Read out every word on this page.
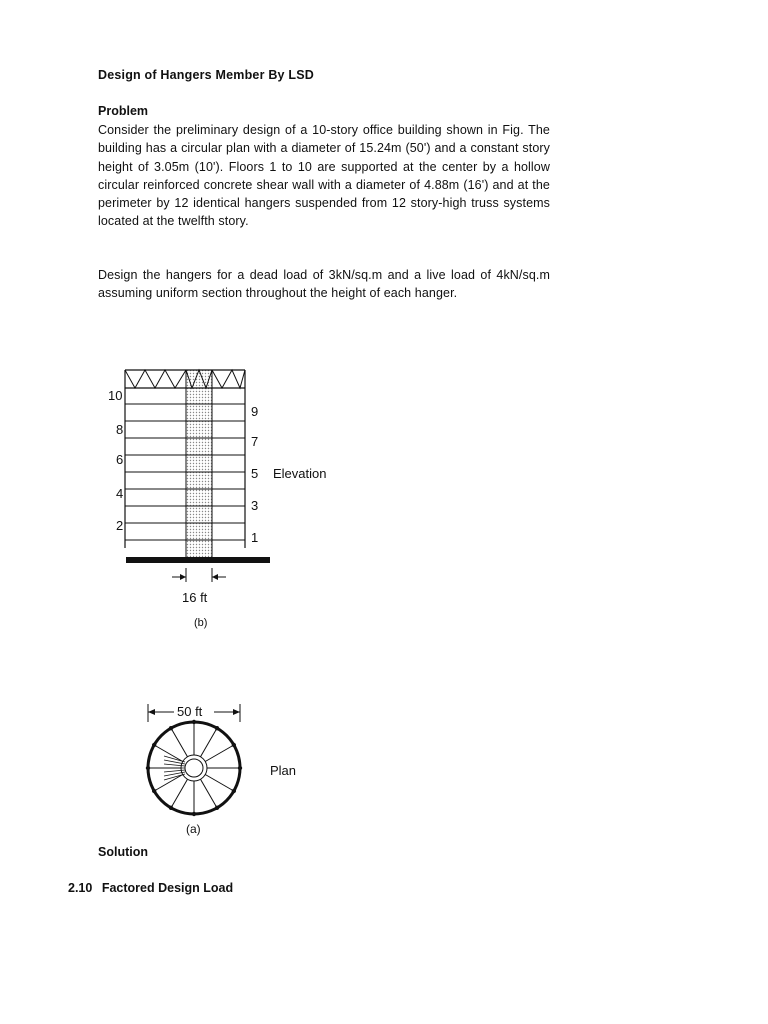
Design of Hangers Member By LSD
Problem
Consider the preliminary design of a 10-story office building shown in Fig. The building has a circular plan with a diameter of 15.24m (50') and a constant story height of 3.05m (10'). Floors 1 to 10 are supported at the center by a hollow circular reinforced concrete shear wall with a diameter of 4.88m (16') and at the perimeter by 12 identical hangers suspended from 12 story-high truss systems located at the twelfth story.
Design the hangers for a dead load of 3kN/sq.m and a live load of 4kN/sq.m assuming uniform section throughout the height of each hanger.
10
8
6
4
2
9
7
5
3
1
Elevation
16 ft
(b)
50 ft
Plan
(a)
Solution
2.10 Factored Design Load
